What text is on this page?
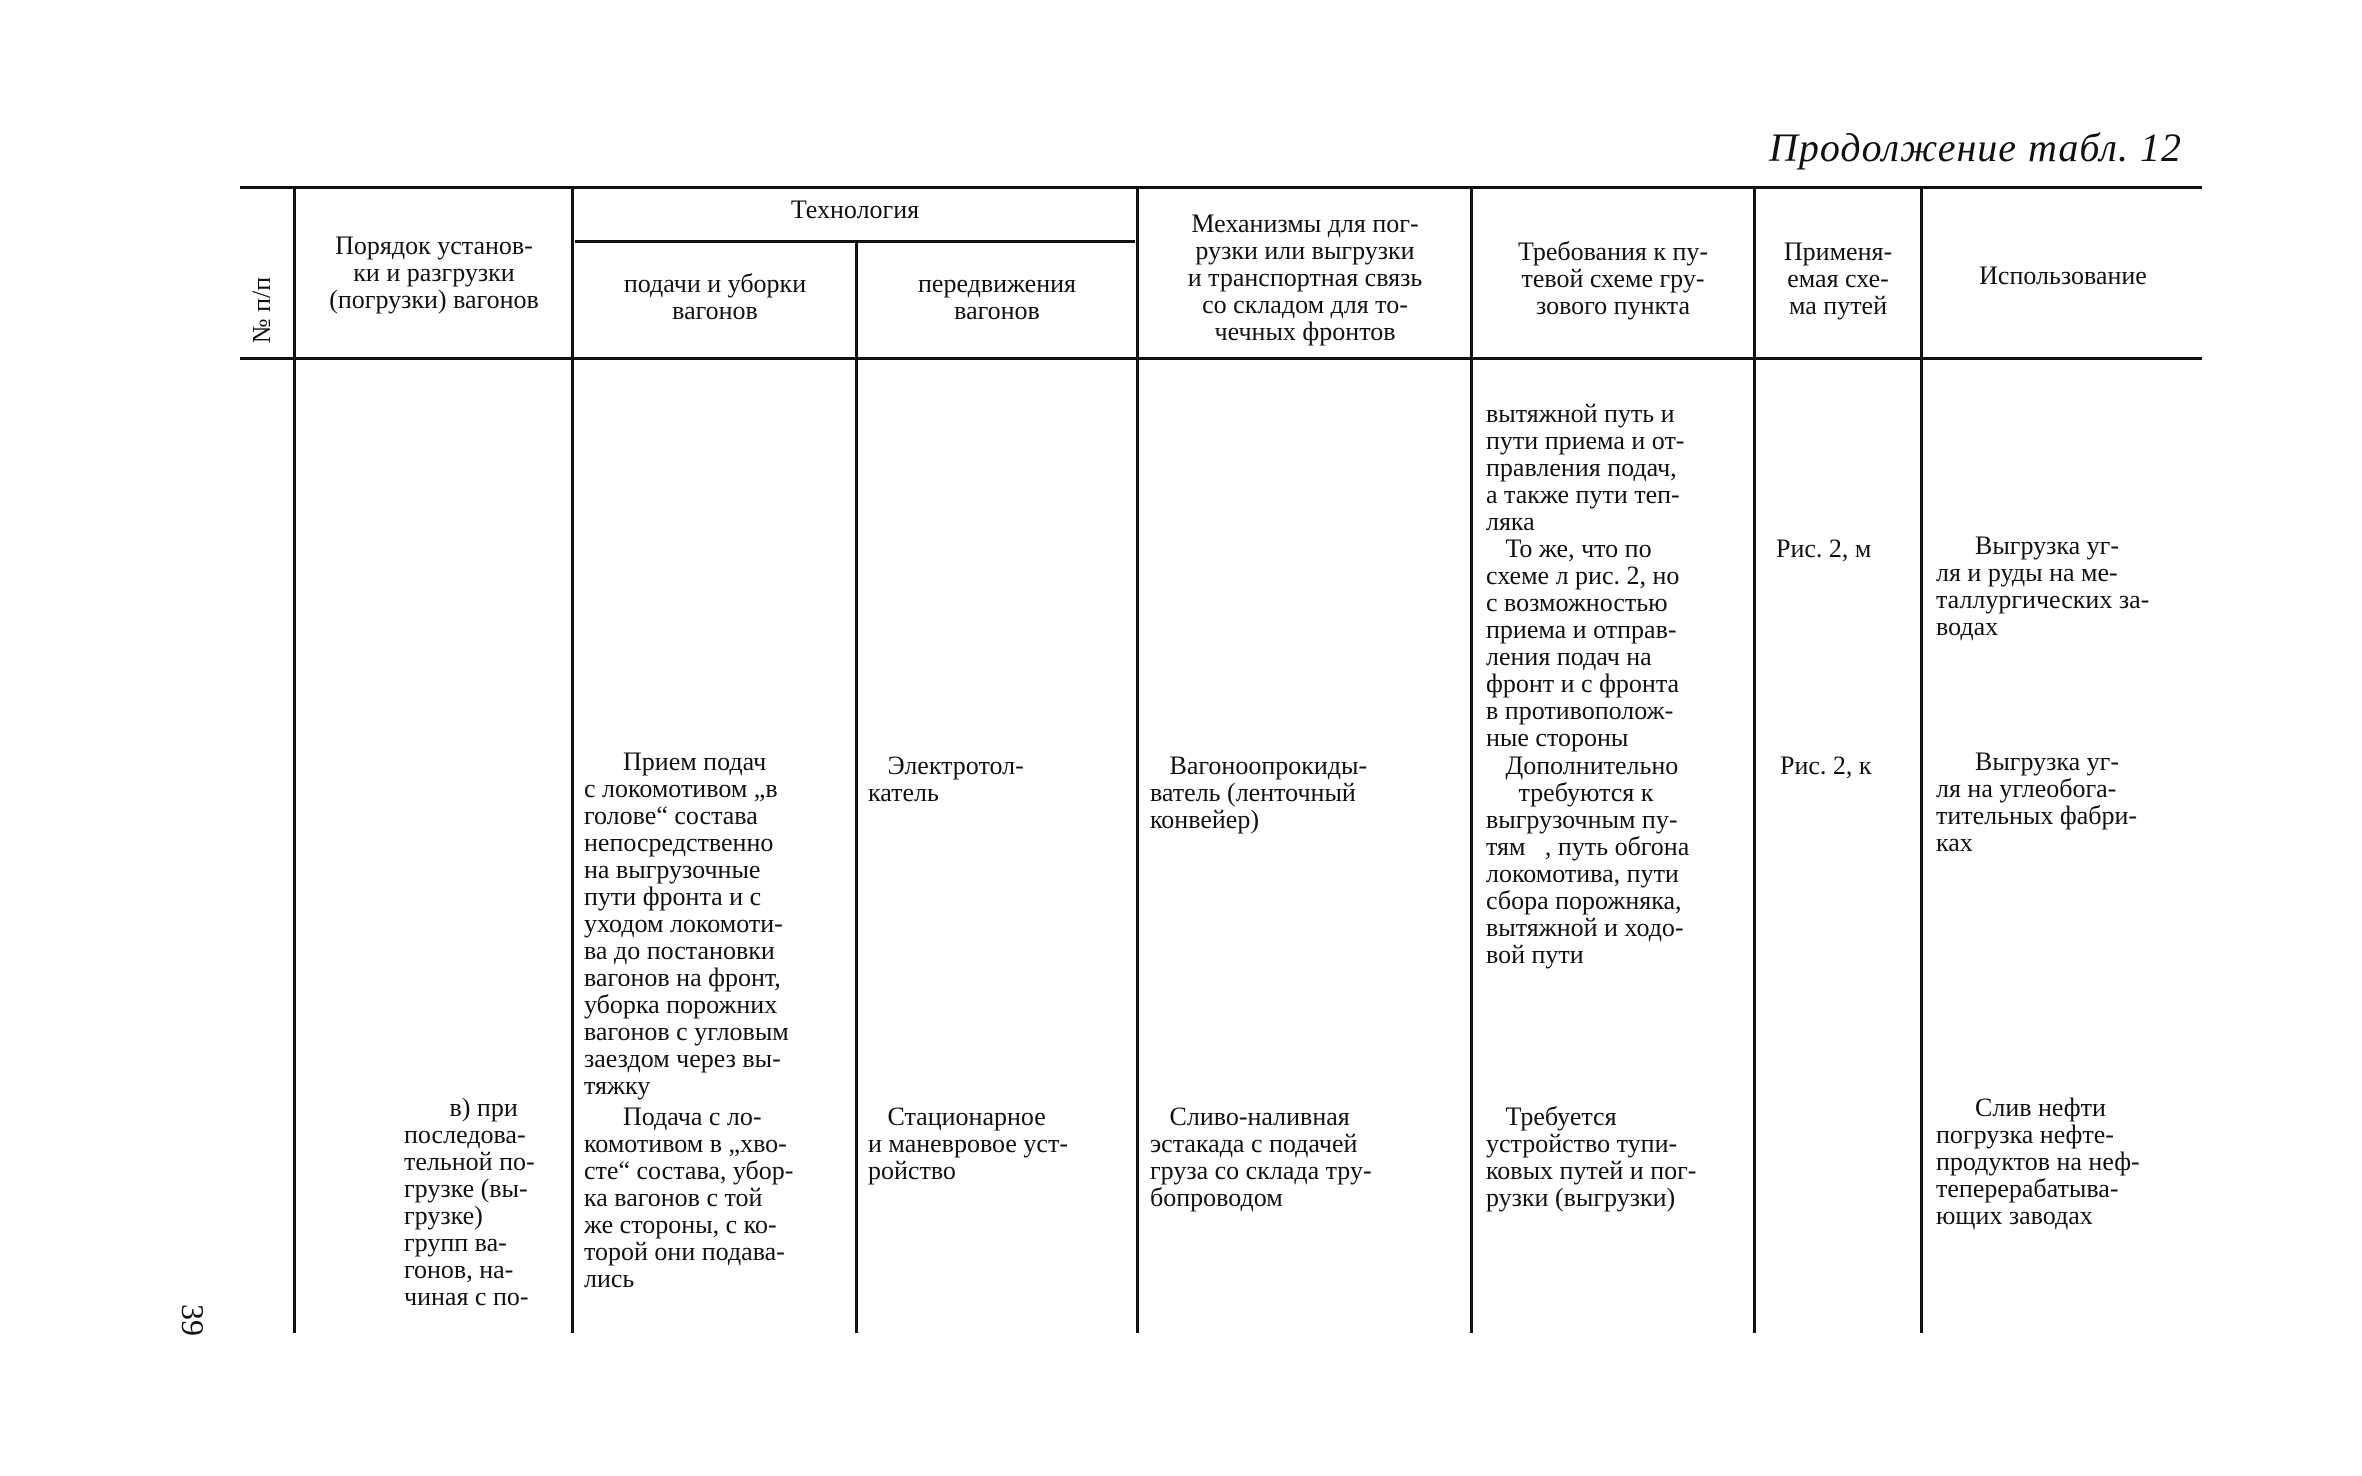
Продолжение табл. 12
№ п/п
Порядок установ-
ки и разгрузки
(погрузки) вагонов
Технология
подачи и уборки
вагонов
передвижения
вагонов
Механизмы для пог-
рузки или выгрузки
и транспортная связь
со складом для то-
чечных фронтов
Требования к пу-
тевой схеме гру-
зового пункта
Применя-
емая схе-
ма путей
Использование
вытяжной путь и
пути приема и от-
правления подач,
а также пути теп-
ляка
То же, что по
схеме л рис. 2, но
с возможностью
приема и отправ-
ления подач на
фронт и с фронта
в противополож-
ные стороны
Дополнительно
требуются к
выгрузочным пу-
тям   , путь обгона
локомотива, пути
сбора порожняка,
вытяжной и ходо-
вой пути
Требуется
устройство тупи-
ковых путей и пог-
рузки (выгрузки)
Рис. 2, м
Рис. 2, к
Выгрузка уг-
ля и руды на ме-
таллургических за-
водах
Выгрузка уг-
ля на углеобога-
тительных фабри-
ках
Слив нефти
погрузка нефте-
продуктов на неф-
теперерабатыва-
ющих заводах
Прием подач
с локомотивом „в
голове“ состава
непосредственно
на выгрузочные
пути фронта и с
уходом локомоти-
ва до постановки
вагонов на фронт,
уборка порожних
вагонов с угловым
заездом через вы-
тяжку
Подача с ло-
комотивом в „хво-
сте“ состава, убор-
ка вагонов с той
же стороны, с ко-
торой они подава-
лись
Электротол-
катель
Стационарное
и маневровое уст-
ройство
Вагоноопрокиды-
ватель (ленточный
конвейер)
Сливо-наливная
эстакада с подачей
груза со склада тру-
бопроводом
в) при
последова-
тельной по-
грузке (вы-
грузке)
групп ва-
гонов, на-
чиная с по-
39
